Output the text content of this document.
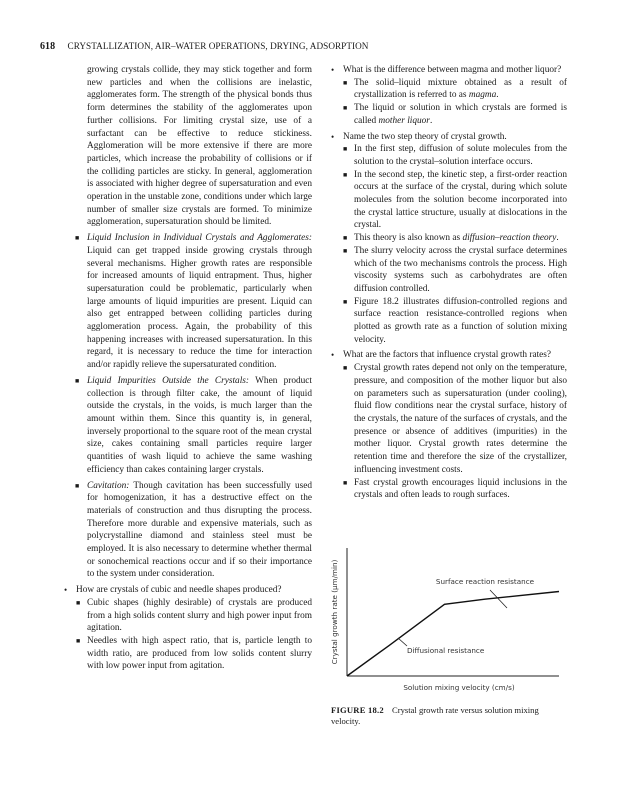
618 CRYSTALLIZATION, AIR–WATER OPERATIONS, DRYING, ADSORPTION

growing crystals collide, they may stick together and form new particles and when the collisions are inelastic, agglomerates form. The strength of the physical bonds thus form determines the stability of the agglomerates upon further collisions. For limiting crystal size, use of a surfactant can be effective to reduce stickiness. Agglomeration will be more extensive if there are more particles, which increase the probability of collisions or if the colliding particles are sticky. In general, agglomeration is associated with higher degree of supersaturation and even operation in the unstable zone, conditions under which large number of smaller size crystals are formed. To minimize agglomeration, supersaturation should be limited.

■ Liquid Inclusion in Individual Crystals and Agglomerates: Liquid can get trapped inside growing crystals through several mechanisms. Higher growth rates are responsible for increased amounts of liquid entrapment. Thus, higher supersaturation could be problematic, particularly when large amounts of liquid impurities are present. Liquid can also get entrapped between colliding particles during agglomeration process. Again, the probability of this happening increases with increased supersaturation. In this regard, it is necessary to reduce the time for interaction and/or rapidly relieve the supersaturated condition.
■ Liquid Impurities Outside the Crystals: When product collection is through filter cake, the amount of liquid outside the crystals, in the voids, is much larger than the amount within them. Since this quantity is, in general, inversely proportional to the square root of the mean crystal size, cakes containing small particles require larger quantities of wash liquid to achieve the same washing efficiency than cakes containing larger crystals.
■ Cavitation: Though cavitation has been successfully used for homogenization, it has a destructive effect on the materials of construction and thus disrupting the process. Therefore more durable and expensive materials, such as polycrystalline diamond and stainless steel must be employed. It is also necessary to determine whether thermal or sonochemical reactions occur and if so their importance to the system under consideration.
• How are crystals of cubic and needle shapes produced?
■ Cubic shapes (highly desirable) of crystals are produced from a high solids content slurry and high power input from agitation.
■ Needles with high aspect ratio, that is, particle length to width ratio, are produced from low solids content slurry with low power input from agitation.
• What is the difference between magma and mother liquor?
■ The solid–liquid mixture obtained as a result of crystallization is referred to as magma.
■ The liquid or solution in which crystals are formed is called mother liquor.
• Name the two step theory of crystal growth.
■ In the first step, diffusion of solute molecules from the solution to the crystal–solution interface occurs.
■ In the second step, the kinetic step, a first-order reaction occurs at the surface of the crystal, during which solute molecules from the solution become incorporated into the crystal lattice structure, usually at dislocations in the crystal.
■ This theory is also known as diffusion–reaction theory.
■ The slurry velocity across the crystal surface determines which of the two mechanisms controls the process. High viscosity systems such as carbohydrates are often diffusion controlled.
■ Figure 18.2 illustrates diffusion-controlled regions and surface reaction resistance-controlled regions when plotted as growth rate as a function of solution mixing velocity.
• What are the factors that influence crystal growth rates?
■ Crystal growth rates depend not only on the temperature, pressure, and composition of the mother liquor but also on parameters such as supersaturation (under cooling), fluid flow conditions near the crystal surface, history of the crystals, the nature of the surfaces of crystals, and the presence or absence of additives (impurities) in the mother liquor. Crystal growth rates determine the retention time and therefore the size of the crystallizer, influencing investment costs.
■ Fast crystal growth encourages liquid inclusions in the crystals and often leads to rough surfaces.
Crystal growth rate (μm/min)
Solution mixing velocity (cm/s)
Surface reaction resistance
Diffusional resistance
FIGURE 18.2 Crystal growth rate versus solution mixing velocity.
